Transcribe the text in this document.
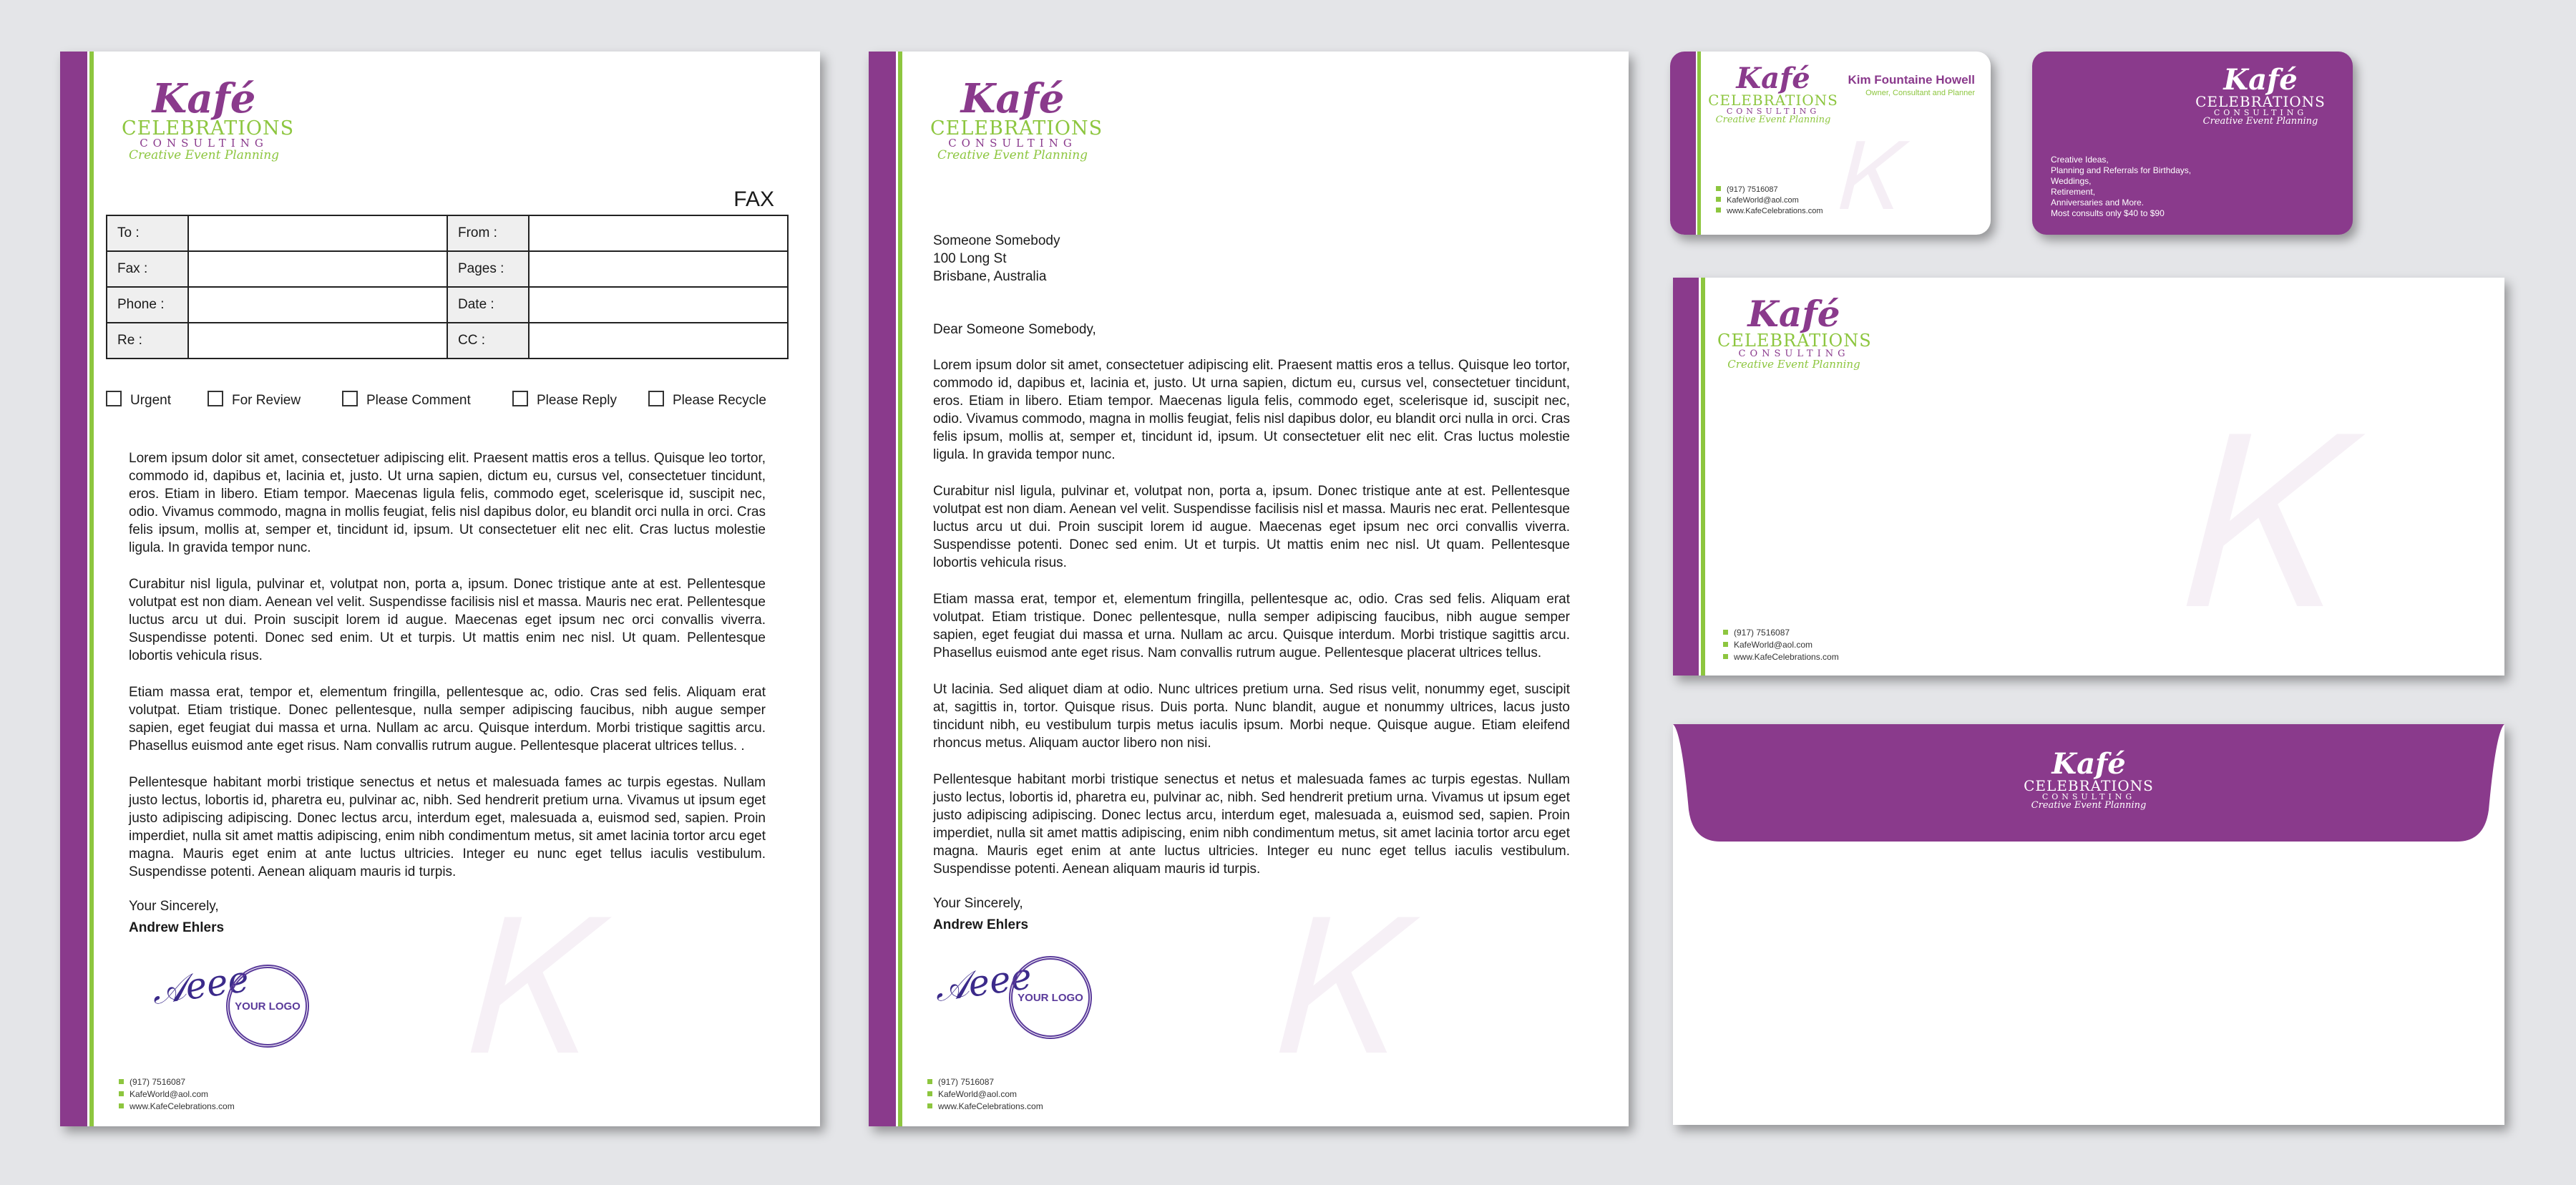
Kafé
CELEBRATIONS
CONSULTING
Creative Event Planning
FAX
To :		From :	
Fax :		Pages :	
Phone :		Date :	
Re :		CC :	
Urgent	For Review	Please Comment	Please Reply	Please Recycle

Lorem ipsum dolor sit amet, consectetuer adipiscing elit. Praesent mattis eros a tellus. Quisque leo tortor, commodo id, dapibus et, lacinia et, justo. Ut urna sapien, dictum eu, cursus vel, consectetuer tincidunt, eros. Etiam in libero. Etiam tempor. Maecenas ligula felis, commodo eget, scelerisque id, suscipit nec, odio. Vivamus commodo, magna in mollis feugiat, felis nisl dapibus dolor, eu blandit orci nulla in orci. Cras felis ipsum, mollis at, semper et, tincidunt id, ipsum. Ut consectetuer elit nec elit. Cras luctus molestie ligula. In gravida tempor nunc.

Curabitur nisl ligula, pulvinar et, volutpat non, porta a, ipsum. Donec tristique ante at est. Pellentesque volutpat est non diam. Aenean vel velit. Suspendisse facilisis nisl et massa. Mauris nec erat. Pellentesque luctus arcu ut dui. Proin suscipit lorem id augue. Maecenas eget ipsum nec orci convallis viverra. Suspendisse potenti. Donec sed enim. Ut et turpis. Ut mattis enim nec nisl. Ut quam. Pellentesque lobortis vehicula risus.

Etiam massa erat, tempor et, elementum fringilla, pellentesque ac, odio. Cras sed felis. Aliquam erat volutpat. Etiam tristique. Donec pellentesque, nulla semper adipiscing faucibus, nibh augue semper sapien, eget feugiat dui massa et urna. Nullam ac arcu. Quisque interdum. Morbi tristique sagittis arcu. Phasellus euismod ante eget risus. Nam convallis rutrum augue. Pellentesque placerat ultrices tellus. .

Pellentesque habitant morbi tristique senectus et netus et malesuada fames ac turpis egestas. Nullam justo lectus, lobortis id, pharetra eu, pulvinar ac, nibh. Sed hendrerit pretium urna. Vivamus ut ipsum eget justo adipiscing adipiscing. Donec lectus arcu, interdum eget, malesuada a, euismod sed, sapien. Proin imperdiet, nulla sit amet mattis adipiscing, enim nibh condimentum metus, sit amet lacinia tortor arcu eget magna. Mauris eget enim at ante luctus ultricies. Integer eu nunc eget tellus iaculis vestibulum. Suspendisse potenti. Aenean aliquam mauris id turpis.

Your Sincerely,
Andrew Ehlers
𝒜eee
YOUR LOGO Ꮶ
(917) 7516087
KafeWorld@aol.com
www.KafeCelebrations.com
Kafé
CELEBRATIONS
CONSULTING
Creative Event Planning
Someone Somebody
100 Long St
Brisbane, Australia
Dear Someone Somebody,

Lorem ipsum dolor sit amet, consectetuer adipiscing elit. Praesent mattis eros a tellus. Quisque leo tortor, commodo id, dapibus et, lacinia et, justo. Ut urna sapien, dictum eu, cursus vel, consectetuer tincidunt, eros. Etiam in libero. Etiam tempor. Maecenas ligula felis, commodo eget, scelerisque id, suscipit nec, odio. Vivamus commodo, magna in mollis feugiat, felis nisl dapibus dolor, eu blandit orci nulla in orci. Cras felis ipsum, mollis at, semper et, tincidunt id, ipsum. Ut consectetuer elit nec elit. Cras luctus molestie ligula. In gravida tempor nunc.

Curabitur nisl ligula, pulvinar et, volutpat non, porta a, ipsum. Donec tristique ante at est. Pellentesque volutpat est non diam. Aenean vel velit. Suspendisse facilisis nisl et massa. Mauris nec erat. Pellentesque luctus arcu ut dui. Proin suscipit lorem id augue. Maecenas eget ipsum nec orci convallis viverra. Suspendisse potenti. Donec sed enim. Ut et turpis. Ut mattis enim nec nisl. Ut quam. Pellentesque lobortis vehicula risus.

Etiam massa erat, tempor et, elementum fringilla, pellentesque ac, odio. Cras sed felis. Aliquam erat volutpat. Etiam tristique. Donec pellentesque, nulla semper adipiscing faucibus, nibh augue semper sapien, eget feugiat dui massa et urna. Nullam ac arcu. Quisque interdum. Morbi tristique sagittis arcu. Phasellus euismod ante eget risus. Nam convallis rutrum augue. Pellentesque placerat ultrices tellus.

Ut lacinia. Sed aliquet diam at odio. Nunc ultrices pretium urna. Sed risus velit, nonummy eget, suscipit at, sagittis in, tortor. Quisque risus. Duis porta. Nunc blandit, augue et nonummy ultrices, lacus justo tincidunt nibh, eu vestibulum turpis metus iaculis ipsum. Morbi neque. Quisque augue. Etiam eleifend rhoncus metus. Aliquam auctor libero non nisi.

Pellentesque habitant morbi tristique senectus et netus et malesuada fames ac turpis egestas. Nullam justo lectus, lobortis id, pharetra eu, pulvinar ac, nibh. Sed hendrerit pretium urna. Vivamus ut ipsum eget justo adipiscing adipiscing. Donec lectus arcu, interdum eget, malesuada a, euismod sed, sapien. Proin imperdiet, nulla sit amet mattis adipiscing, enim nibh condimentum metus, sit amet lacinia tortor arcu eget magna. Mauris eget enim at ante luctus ultricies. Integer eu nunc eget tellus iaculis vestibulum. Suspendisse potenti. Aenean aliquam mauris id turpis.

Your Sincerely,
Andrew Ehlers
𝒜eee
YOUR LOGO Ꮶ
(917) 7516087
KafeWorld@aol.com
www.KafeCelebrations.com
Kafé
CELEBRATIONS
CONSULTING
Creative Event Planning
Kim Fountaine Howell
Owner, Consultant and Planner
Ꮶ
(917) 7516087
KafeWorld@aol.com
www.KafeCelebrations.com
Kafé
CELEBRATIONS
CONSULTING
Creative Event Planning
Creative Ideas,
Planning and Referrals for Birthdays,
Weddings,
Retirement,
Anniversaries and More.
Most consults only $40 to $90
Kafé
CELEBRATIONS
CONSULTING
Creative Event Planning
Ꮶ
(917) 7516087
KafeWorld@aol.com
www.KafeCelebrations.com
Kafé
CELEBRATIONS
CONSULTING
Creative Event Planning
